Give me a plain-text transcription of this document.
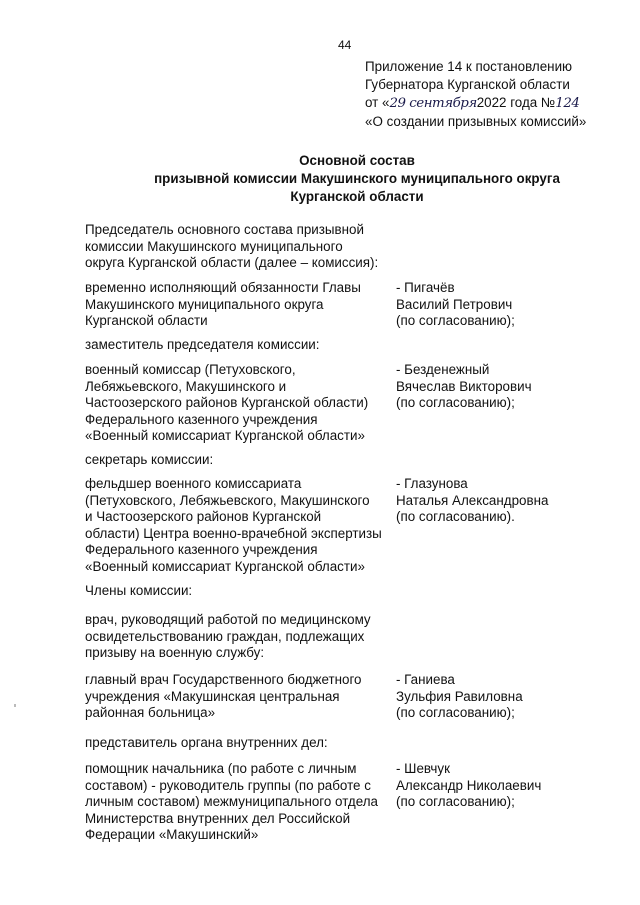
44
Приложение 14 к постановлению
Губернатора Курганской области
от «29 сентября2022 года №124
«О создании призывных комиссий»
Основной состав
призывной комиссии Макушинского муниципального округа
Курганской области
Председатель основного состава призывной
комиссии Макушинского муниципального
округа Курганской области (далее – комиссия):
временно исполняющий обязанности Главы
Макушинского муниципального округа
Курганской области
- Пигачёв
Василий Петрович
(по согласованию);
заместитель председателя комиссии:
военный комиссар (Петуховского,
Лебяжьевского, Макушинского и
Частоозерского районов Курганской области)
Федерального казенного учреждения
«Военный комиссариат Курганской области»
- Безденежный
Вячеслав Викторович
(по согласованию);
секретарь комиссии:
фельдшер военного комиссариата
(Петуховского, Лебяжьевского, Макушинского
и Частоозерского районов Курганской
области) Центра военно-врачебной экспертизы
Федерального казенного учреждения
«Военный комиссариат Курганской области»
- Глазунова
Наталья Александровна
(по согласованию).
Члены комиссии:
врач, руководящий работой по медицинскому
освидетельствованию граждан, подлежащих
призыву на военную службу:
главный врач Государственного бюджетного
учреждения «Макушинская центральная
районная больница»
- Ганиева
Зульфия Равиловна
(по согласованию);
представитель органа внутренних дел:
помощник начальника (по работе с личным
составом) - руководитель группы (по работе с
личным составом) межмуниципального отдела
Министерства внутренних дел Российской
Федерации «Макушинский»
- Шевчук
Александр Николаевич
(по согласованию);
